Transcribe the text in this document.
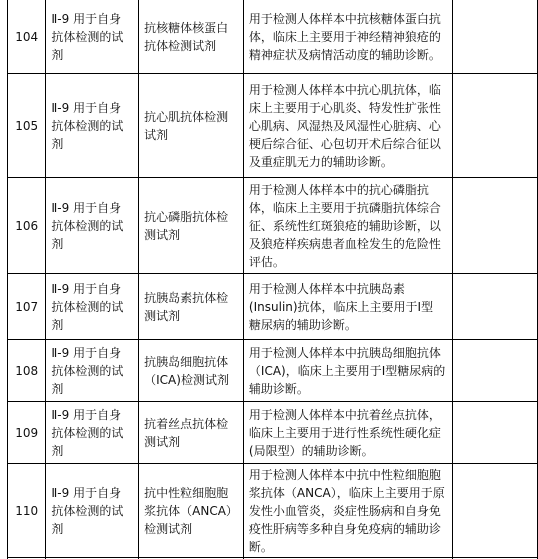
104	Ⅱ-9 用于自身
抗体检测的试
剂	抗核糖体核蛋白
抗体检测试剂	用于检测人体样本中抗核糖体蛋白抗
体，临床上主要用于神经精神狼疮的
精神症状及病情活动度的辅助诊断。	

105	Ⅱ-9 用于自身
抗体检测的试
剂	抗心肌抗体检测
试剂	用于检测人体样本中抗心肌抗体，临
床上主要用于心肌炎、特发性扩张性
心肌病、风湿热及风湿性心脏病、心
梗后综合征、心包切开术后综合征以
及重症肌无力的辅助诊断。	

106	Ⅱ-9 用于自身
抗体检测的试
剂	抗心磷脂抗体检
测试剂	用于检测人体样本中的抗心磷脂抗
体，临床上主要用于抗磷脂抗体综合
征、系统性红斑狼疮的辅助诊断，以
及狼疮样疾病患者血栓发生的危险性
评估。	

107	Ⅱ-9 用于自身
抗体检测的试
剂	抗胰岛素抗体检
测试剂	用于检测人体样本中抗胰岛素
(Insulin)抗体，临床上主要用于I型
糖尿病的辅助诊断。	

108	Ⅱ-9 用于自身
抗体检测的试
剂	抗胰岛细胞抗体
（ICA)检测试剂	用于检测人体样本中抗胰岛细胞抗体
（ICA)，临床上主要用于I型糖尿病的
辅助诊断。	

109	Ⅱ-9 用于自身
抗体检测的试
剂	抗着丝点抗体检
测试剂	用于检测人体样本中抗着丝点抗体，
临床上主要用于进行性系统性硬化症
(局限型）的辅助诊断。	

110	Ⅱ-9 用于自身
抗体检测的试
剂	抗中性粒细胞胞
浆抗体（ANCA）
检测试剂	用于检测人体样本中抗中性粒细胞胞
浆抗体（ANCA），临床上主要用于原
发性小血管炎，炎症性肠病和自身免
疫性肝病等多种自身免疫病的辅助诊
断。	
